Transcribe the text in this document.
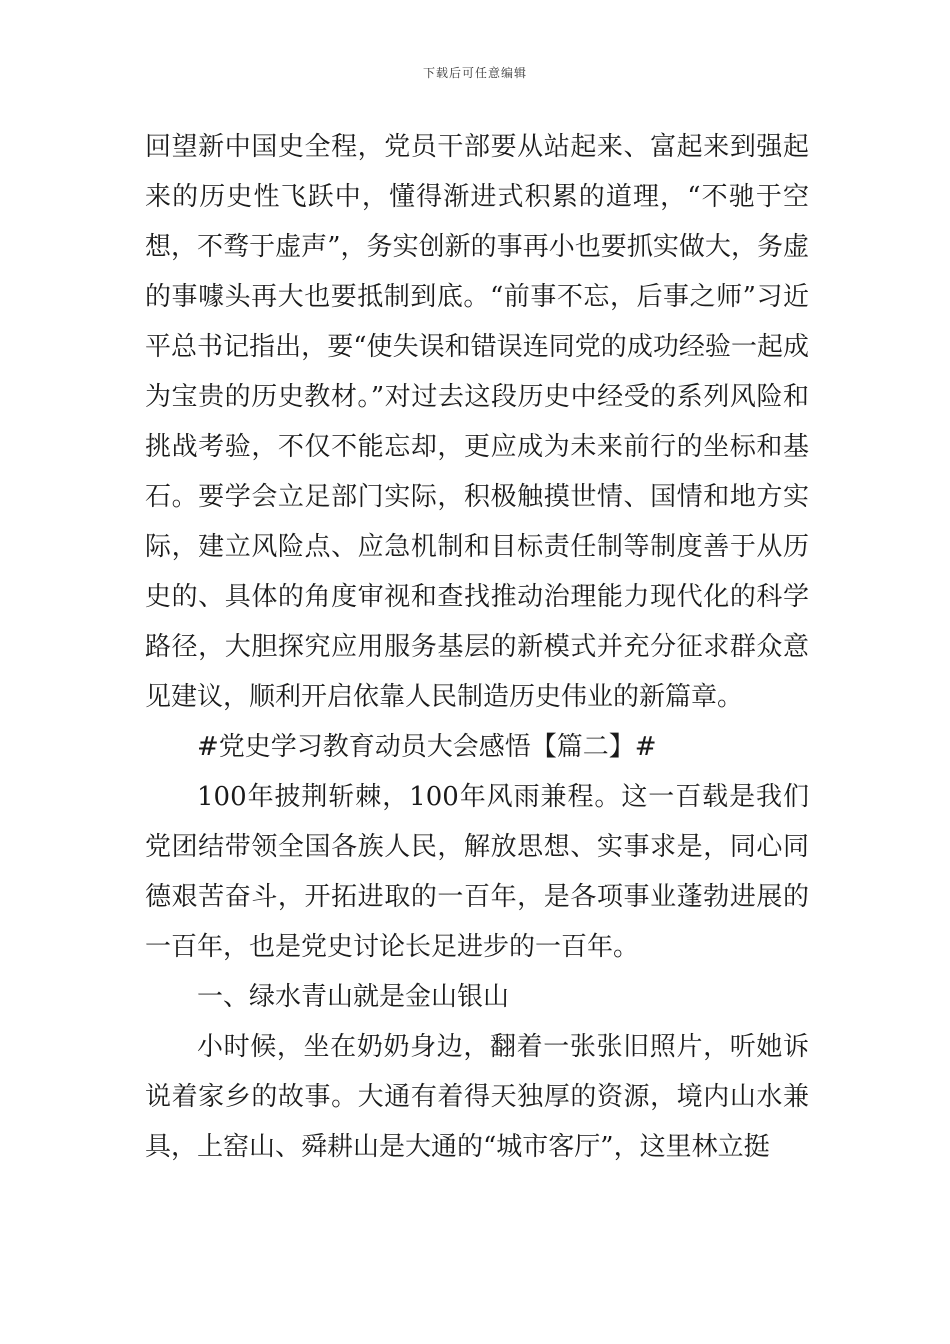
下载后可任意编辑

回望新中国史全程，党员干部要从站起来、富起来到强起来的历史性飞跃中，懂得渐进式积累的道理，“不驰于空想，不骛于虚声”，务实创新的事再小也要抓实做大，务虚的事噱头再大也要抵制到底。“前事不忘，后事之师”习近平总书记指出，要“使失误和错误连同党的成功经验一起成为宝贵的历史教材。”对过去这段历史中经受的系列风险和挑战考验，不仅不能忘却，更应成为未来前行的坐标和基石。要学会立足部门实际，积极触摸世情、国情和地方实际，建立风险点、应急机制和目标责任制等制度善于从历史的、具体的角度审视和查找推动治理能力现代化的科学路径，大胆探究应用服务基层的新模式并充分征求群众意见建议，顺利开启依靠人民制造历史伟业的新篇章。

#党史学习教育动员大会感悟【篇二】#

100年披荆斩棘，100年风雨兼程。这一百载是我们党团结带领全国各族人民，解放思想、实事求是，同心同德艰苦奋斗，开拓进取的一百年，是各项事业蓬勃进展的一百年，也是党史讨论长足进步的一百年。

一、绿水青山就是金山银山

小时候，坐在奶奶身边，翻着一张张旧照片，听她诉说着家乡的故事。大通有着得天独厚的资源，境内山水兼具，上窑山、舜耕山是大通的“城市客厅”，这里林立挺
